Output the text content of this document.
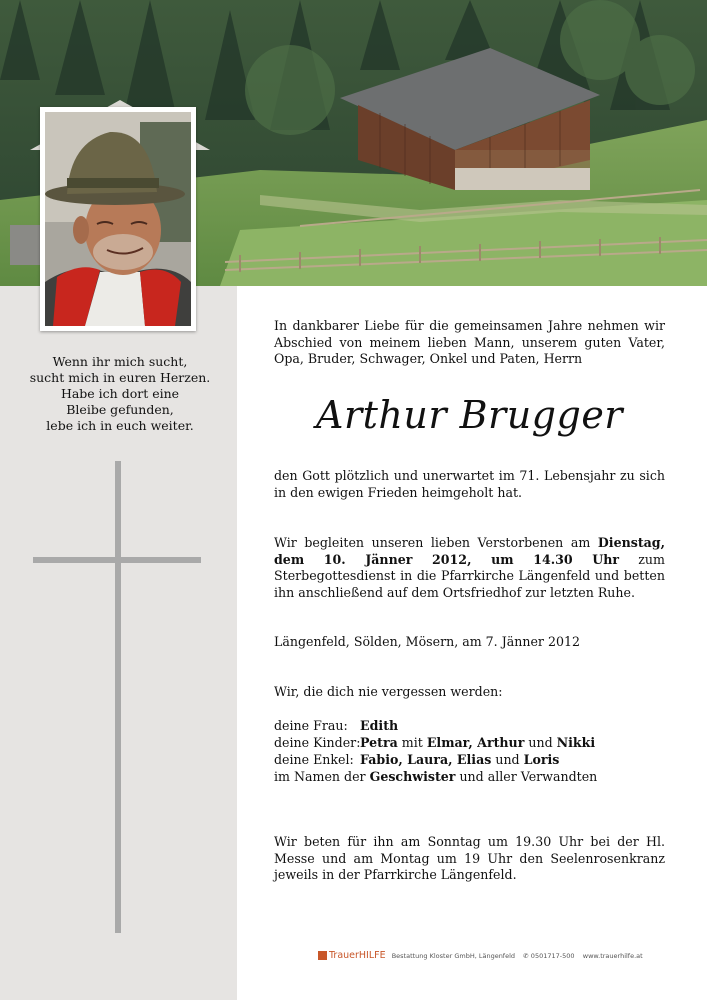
Wenn ihr mich sucht,
sucht mich in euren Herzen.
Habe ich dort eine
Bleibe gefunden,
lebe ich in euch weiter.

In dankbarer Liebe für die gemeinsamen Jahre nehmen wir Abschied von meinem lieben Mann, unserem guten Vater, Opa, Bruder, Schwager, Onkel und Paten, Herrn

Arthur Brugger

den Gott plötzlich und unerwartet im 71. Lebensjahr zu sich in den ewigen Frieden heimgeholt hat.

Wir begleiten unseren lieben Verstorbenen am Dienstag, dem 10. Jänner 2012, um 14.30 Uhr zum Sterbegottesdienst in die Pfarrkirche Längenfeld und betten ihn anschließend auf dem Ortsfriedhof zur letzten Ruhe.

Längenfeld, Sölden, Mösern, am 7. Jänner 2012

Wir, die dich nie vergessen werden:

deine Frau: Edith
deine Kinder:Petra mit Elmar, Arthur und Nikki
deine Enkel: Fabio, Laura, Elias und Loris
im Namen der Geschwister und aller Verwandten

Wir beten für ihn am Sonntag um 19.30 Uhr bei der Hl. Messe und am Montag um 19 Uhr den Seelenrosenkranz jeweils in der Pfarrkirche Längenfeld.

TrauerHILFE Bestattung Kloster GmbH, Längenfeld ✆ 0501717-500 www.trauerhilfe.at
